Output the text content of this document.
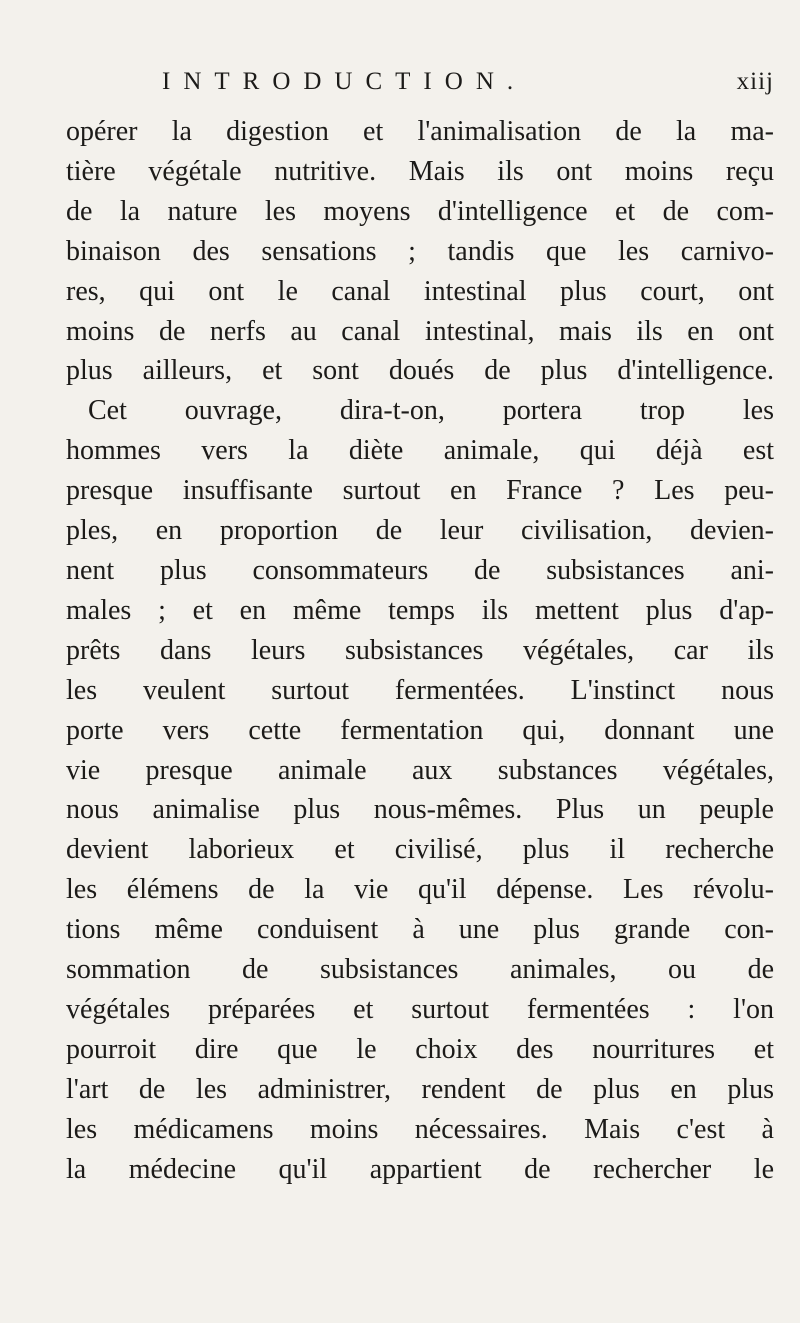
INTRODUCTION.	xiij
opérer la digestion et l'animalisation de la ma-
tière végétale nutritive. Mais ils ont moins reçu
de la nature les moyens d'intelligence et de com-
binaison des sensations ; tandis que les carnivo-
res, qui ont le canal intestinal plus court, ont
moins de nerfs au canal intestinal, mais ils en ont
plus ailleurs, et sont doués de plus d'intelligence.
Cet ouvrage, dira-t-on, portera trop les
hommes vers la diète animale, qui déjà est
presque insuffisante surtout en France ? Les peu-
ples, en proportion de leur civilisation, devien-
nent plus consommateurs de subsistances ani-
males ; et en même temps ils mettent plus d'ap-
prêts dans leurs subsistances végétales, car ils
les veulent surtout fermentées. L'instinct nous
porte vers cette fermentation qui, donnant une
vie presque animale aux substances végétales,
nous animalise plus nous-mêmes. Plus un peuple
devient laborieux et civilisé, plus il recherche
les élémens de la vie qu'il dépense. Les révolu-
tions même conduisent à une plus grande con-
sommation de subsistances animales, ou de
végétales préparées et surtout fermentées : l'on
pourroit dire que le choix des nourritures et
l'art de les administrer, rendent de plus en plus
les médicamens moins nécessaires. Mais c'est à
la médecine qu'il appartient de rechercher le
